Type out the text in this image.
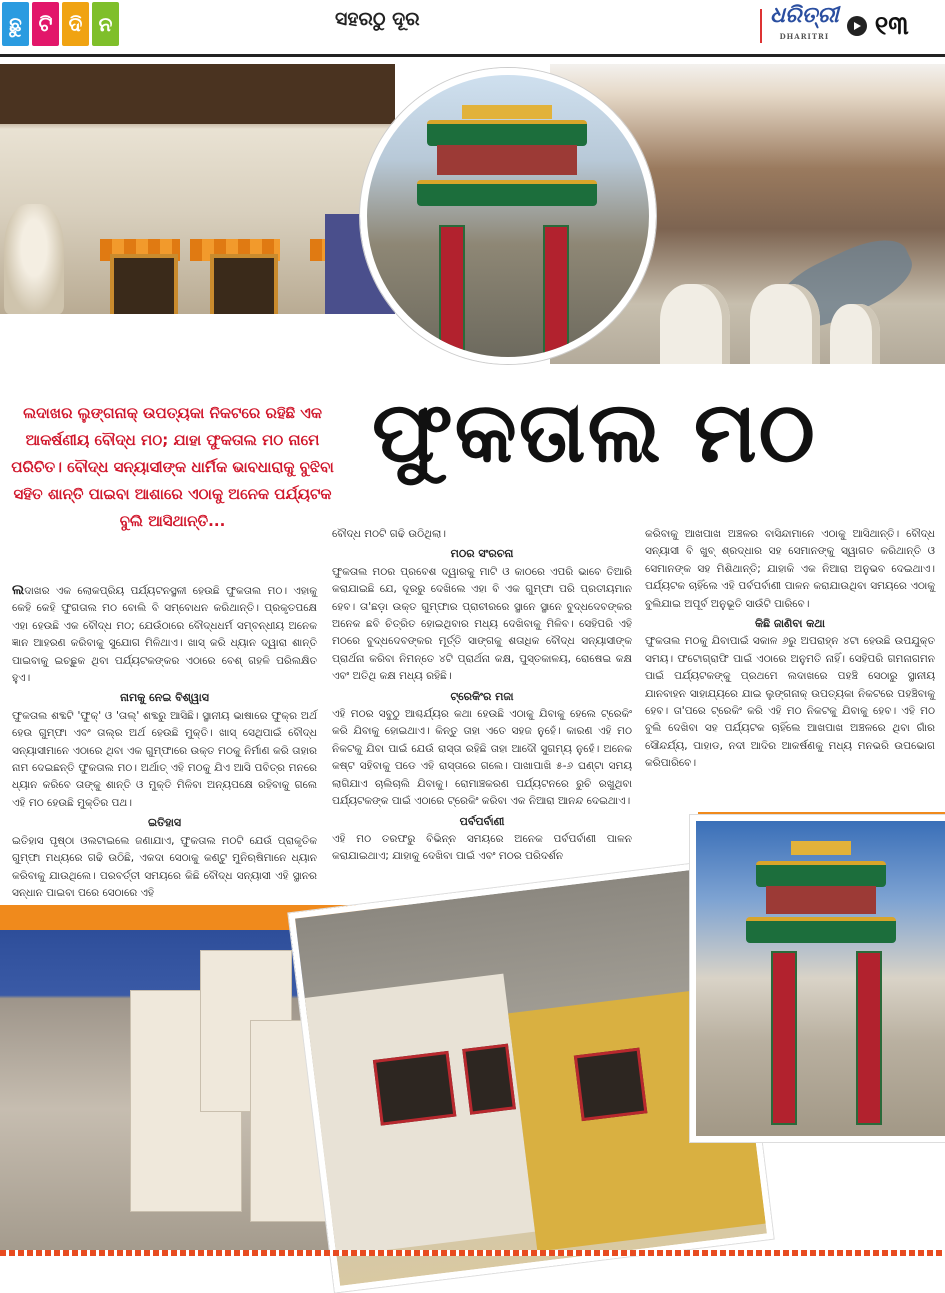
ଛୁ ଟି ଦି ନ	ସହରଠୁ ଦୂର	ଧରିତ୍ରୀ
DHARITRI	୧୩
ଫୁକତାଲ ମଠ
ଲଦାଖର ଲୁଙ୍ଗନାକ୍ ଉପତ୍ୟକା ନିକଟରେ ରହିଛି ଏକ ଆକର୍ଷଣୀୟ ବୌଦ୍ଧ ମଠ; ଯାହା ଫୁକତାଲ ମଠ ନାମେ ପରିଚିତ। ବୌଦ୍ଧ ସନ୍ୟାସୀଙ୍କ ଧାର୍ମିକ ଭାବଧାରାକୁ ବୁଝିବା ସହିତ ଶାନ୍ତି ପାଇବା ଆଶାରେ ଏଠାକୁ ଅନେକ ପର୍ଯ୍ୟଟକ ବୁଲି ଆସିଥାନ୍ତି...

ଲଦାଖର ଏକ ଲୋକପ୍ରିୟ ପର୍ଯ୍ୟଟନସ୍ଥଳୀ ହେଉଛି ଫୁକତାଲ ମଠ। ଏହାକୁ କେହି କେହି ଫୁଗତାଲ ମଠ ବୋଲି ବି ସମ୍ବୋଧନ କରିଥାନ୍ତି। ପ୍ରକୃତପକ୍ଷେ ଏହା ହେଉଛି ଏକ ବୌଦ୍ଧ ମଠ; ଯେଉଁଠାରେ ବୌଦ୍ଧଧର୍ମ ସମ୍ବନ୍ଧୀୟ ଅନେକ ଜ୍ଞାନ ଆହରଣ କରିବାକୁ ସୁଯୋଗ ମିଳିଥାଏ। ଖାସ୍ କରି ଧ୍ୟାନ ଦ୍ୱାରା ଶାନ୍ତି ପାଇବାକୁ ଇଚ୍ଛୁକ ଥିବା ପର୍ଯ୍ୟଟକଙ୍କର ଏଠାରେ ବେଶ୍ ଗହଳି ପରିଲକ୍ଷିତ ହୁଏ।

ନାମକୁ ନେଇ ବିଶ୍ୱାସ

ଫୁକତାଲ ଶବ୍ଦଟି 'ଫୁକ୍' ଓ 'ତାଲ୍' ଶବ୍ଦରୁ ଆସିଛି। ସ୍ଥାନୀୟ ଭାଷାରେ ଫୁକ୍‌ର ଅର୍ଥ ହେଉ ଗୁମ୍ଫା ଏବଂ ତାଲ୍‌ର ଅର୍ଥ ହେଉଛି ମୁକ୍ତି। ଖାସ୍ ସେଥିପାଇଁ ବୌଦ୍ଧ ସନ୍ୟାସୀମାନେ ଏଠାରେ ଥିବା ଏକ ଗୁମ୍ଫାରେ ଉକ୍ତ ମଠକୁ ନିର୍ମାଣ କରି ତାହାର ନାମ ଦେଇଛନ୍ତି ଫୁକତାଲ ମଠ। ଅର୍ଥାତ୍ ଏହି ମଠକୁ ଯିଏ ଆସି ପବିତ୍ର ମନରେ ଧ୍ୟାନ କରିବେ ତାଙ୍କୁ ଶାନ୍ତି ଓ ମୁକ୍ତି ମିଳିବା ଅନ୍ୟପକ୍ଷେ ରହିବାକୁ ଗଲେ ଏହି ମଠ ହେଉଛି ମୁକ୍ତିର ପଥ।

ଇତିହାସ

ଇତିହାସ ପୃଷ୍ଠା ଓଲଟାଇଲେ ଜଣାଯାଏ, ଫୁକତାଲ ମଠଟି ଯେଉଁ ପ୍ରାକୃତିକ ଗୁମ୍ଫା ମଧ୍ୟରେ ଗଢି ଉଠିଛି, ଏକଦା ସେଠାକୁ କଣ୍ଟୁ ମୁନିଋଷିମାନେ ଧ୍ୟାନ କରିବାକୁ ଯାଉଥିଲେ। ପରବର୍ତ୍ତୀ ସମୟରେ କିଛି ବୌଦ୍ଧ ସନ୍ୟାସୀ ଏହି ସ୍ଥାନର ସନ୍ଧାନ ପାଇବା ପରେ ସେଠାରେ ଏହି

ବୌଦ୍ଧ ମଠଟି ଗଢି ଉଠିଥିଲା।

ମଠର ସଂରଚନା

ଫୁକତାଲ ମଠର ପ୍ରବେଶ ଦ୍ୱାରକୁ ମାଟି ଓ କାଠରେ ଏପରି ଭାବେ ତିଆରି କରାଯାଇଛି ଯେ, ଦୂରରୁ ଦେଖିଲେ ଏହା ବି ଏକ ଗୁମ୍ଫା ପରି ପ୍ରତୀୟମାନ ହେବ। ତା'ଛଡ଼ା ଉକ୍ତ ଗୁମ୍ଫାର ପ୍ରାଚୀରରେ ସ୍ଥାନେ ସ୍ଥାନେ ବୁଦ୍ଧଦେବଙ୍କର ଅନେକ ଛବି ଚିତ୍ରିତ ହୋଇଥିବାର ମଧ୍ୟ ଦେଖିବାକୁ ମିଳିବ। ସେହିପରି ଏହି ମଠରେ ବୁଦ୍ଧଦେବଙ୍କର ମୂର୍ତ୍ତି ସାଙ୍ଗକୁ ଶତାଧିକ ବୌଦ୍ଧ ସନ୍ୟାସୀଙ୍କ ପ୍ରାର୍ଥନା କରିବା ନିମନ୍ତେ ୪ଟି ପ୍ରାର୍ଥନା କକ୍ଷ, ପୁସ୍ତକାଳୟ, ରୋଷେଇ କକ୍ଷ ଏବଂ ଅତିଥି କକ୍ଷ ମଧ୍ୟ ରହିଛି।

ଟ୍ରେକିଂର ମଜା

ଏହି ମଠର ସବୁଠୁ ଆଶ୍ଚର୍ଯ୍ୟର କଥା ହେଉଛି ଏଠାକୁ ଯିବାକୁ ହେଲେ ଟ୍ରେକିଂ କରି ଯିବାକୁ ହୋଇଥାଏ। କିନ୍ତୁ ତାହା ଏତେ ସହଜ ନୁହେଁ। କାରଣ ଏହି ମଠ ନିକଟକୁ ଯିବା ପାଇଁ ଯେଉଁ ରାସ୍ତା ରହିଛି ତାହା ଆଦୌ ସୁଗମ୍ୟ ନୁହେଁ। ଅନେକ କଷ୍ଟ ସହିବାକୁ ପଡେ ଏହି ରାସ୍ତାରେ ଗଲେ। ପାଖାପାଖି ୫-୬ ଘଣ୍ଟା ସମୟ ଲାଗିଯାଏ ଚାଲିଚାଲି ଯିବାକୁ। ରୋମାଞ୍ଚକରଣ ପର୍ଯ୍ୟଟନରେ ରୁଚି ରଖୁଥିବା ପର୍ଯ୍ୟଟକଙ୍କ ପାଇଁ ଏଠାରେ ଟ୍ରେକିଂ କରିବା ଏକ ନିଆରା ଆନନ୍ଦ ଦେଇଥାଏ।

ପର୍ବପର୍ବାଣୀ

ଏହି ମଠ ତରଫରୁ ବିଭିନ୍ନ ସମୟରେ ଅନେକ ପର୍ବପର୍ବାଣୀ ପାଳନ କରାଯାଇଥାଏ; ଯାହାକୁ ଦେଖିବା ପାଇଁ ଏବଂ ମଠର ପରିଦର୍ଶନ

କରିବାକୁ ଆଖପାଖ ଅଞ୍ଚଳର ବାସିନ୍ଦାମାନେ ଏଠାକୁ ଆସିଥାନ୍ତି। ବୌଦ୍ଧ ସନ୍ୟାସୀ ବି ଖୁବ୍ ଶ୍ରଦ୍ଧାର ସହ ସେମାନଙ୍କୁ ସ୍ୱାଗତ କରିଥାନ୍ତି ଓ ସେମାନଙ୍କ ସହ ମିଶିଥାନ୍ତି; ଯାହାକି ଏକ ନିଆରା ଅନୁଭବ ଦେଇଥାଏ। ପର୍ଯ୍ୟଟକ ଚାହିଁଲେ ଏହି ପର୍ବପର୍ବାଣୀ ପାଳନ କରାଯାଉଥିବା ସମୟରେ ଏଠାକୁ ବୁଲିଯାଇ ଅପୂର୍ବ ଅନୁଭୂତି ସାଉଁଟି ପାରିବେ।

କିଛି ଜାଣିବା କଥା

ଫୁକତାଲ ମଠକୁ ଯିବାପାଇଁ ସକାଳ ୬ରୁ ଅପରାହ୍ନ ୪ଟା ହେଉଛି ଉପଯୁକ୍ତ ସମୟ। ଫଟୋଗ୍ରାଫି ପାଇଁ ଏଠାରେ ଅନୁମତି ନାହିଁ। ସେହିପରି ଗମନାଗମନ ପାଇଁ ପର୍ଯ୍ୟଟକଙ୍କୁ ପ୍ରଥମେ ଲଦାଖରେ ପହଞ୍ଚି ସେଠାରୁ ସ୍ଥାନୀୟ ଯାନବାହନ ସାହାଯ୍ୟରେ ଯାଇ ଲୁଙ୍ଗନାକ୍ ଉପତ୍ୟକା ନିକଟରେ ପହଞ୍ଚିବାକୁ ହେବ। ତା'ପରେ ଟ୍ରେକିଂ କରି ଏହି ମଠ ନିକଟକୁ ଯିବାକୁ ହେବ। ଏହି ମଠ ବୁଲି ଦେଖିବା ସହ ପର୍ଯ୍ୟଟକ ଚାହିଁଲେ ଆଖପାଖ ଅଞ୍ଚଳରେ ଥିବା ଗାଁର ସୌନ୍ଦର୍ଯ୍ୟ, ପାହାଡ, ନଦୀ ଆଦିର ଆକର୍ଷଣକୁ ମଧ୍ୟ ମନଭରି ଉପଭୋଗ କରିପାରିବେ।
